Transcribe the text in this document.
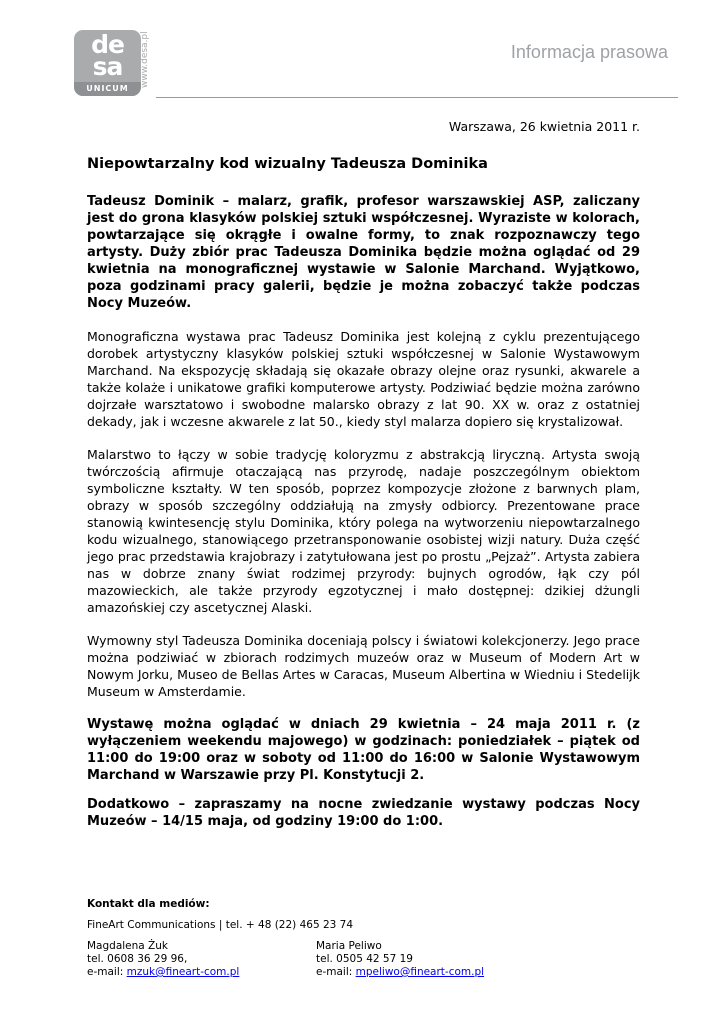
de
sa
UNICUM
www.desa.pl	Informacja prasowa
Warszawa, 26 kwietnia 2011 r.
Niepowtarzalny kod wizualny Tadeusza Dominika

Tadeusz Dominik – malarz, grafik, profesor warszawskiej ASP, zaliczany jest do grona klasyków polskiej sztuki współczesnej. Wyraziste w kolorach, powtarzające się okrągłe i owalne formy, to znak rozpoznawczy tego artysty. Duży zbiór prac Tadeusza Dominika będzie można oglądać od 29 kwietnia na monograficznej wystawie w Salonie Marchand. Wyjątkowo, poza godzinami pracy galerii, będzie je można zobaczyć także podczas Nocy Muzeów.

Monograficzna wystawa prac Tadeusz Dominika jest kolejną z cyklu prezentującego dorobek artystyczny klasyków polskiej sztuki współczesnej w Salonie Wystawowym Marchand. Na ekspozycję składają się okazałe obrazy olejne oraz rysunki, akwarele a także kolaże i unikatowe grafiki komputerowe artysty. Podziwiać będzie można zarówno dojrzałe warsztatowo i swobodne malarsko obrazy z lat 90. XX w. oraz z ostatniej dekady, jak i wczesne akwarele z lat 50., kiedy styl malarza dopiero się krystalizował.

Malarstwo to łączy w sobie tradycję koloryzmu z abstrakcją liryczną. Artysta swoją twórczością afirmuje otaczającą nas przyrodę, nadaje poszczególnym obiektom symboliczne kształty. W ten sposób, poprzez kompozycje złożone z barwnych plam, obrazy w sposób szczególny oddziałują na zmysły odbiorcy. Prezentowane prace stanowią kwintesencję stylu Dominika, który polega na wytworzeniu niepowtarzalnego kodu wizualnego, stanowiącego przetransponowanie osobistej wizji natury. Duża część jego prac przedstawia krajobrazy i zatytułowana jest po prostu „Pejzaż”. Artysta zabiera nas w dobrze znany świat rodzimej przyrody: bujnych ogrodów, łąk czy pól mazowieckich, ale także przyrody egzotycznej i mało dostępnej: dzikiej dżungli amazońskiej czy ascetycznej Alaski.

Wymowny styl Tadeusza Dominika doceniają polscy i światowi kolekcjonerzy. Jego prace można podziwiać w zbiorach rodzimych muzeów oraz w Museum of Modern Art w Nowym Jorku, Museo de Bellas Artes w Caracas, Museum Albertina w Wiedniu i Stedelijk Museum w Amsterdamie.

Wystawę można oglądać w dniach 29 kwietnia – 24 maja 2011 r. (z wyłączeniem weekendu majowego) w godzinach: poniedziałek – piątek od 11:00 do 19:00 oraz w soboty od 11:00 do 16:00 w Salonie Wystawowym Marchand w Warszawie przy Pl. Konstytucji 2.

Dodatkowo – zapraszamy na nocne zwiedzanie wystawy podczas Nocy Muzeów – 14/15 maja, od godziny 19:00 do 1:00.

Kontakt dla mediów:
FineArt Communications | tel. + 48 (22) 465 23 74
Magdalena Żuk
tel. 0608 36 29 96,
e-mail: mzuk@fineart-com.pl
Maria Peliwo
tel. 0505 42 57 19
e-mail: mpeliwo@fineart-com.pl
